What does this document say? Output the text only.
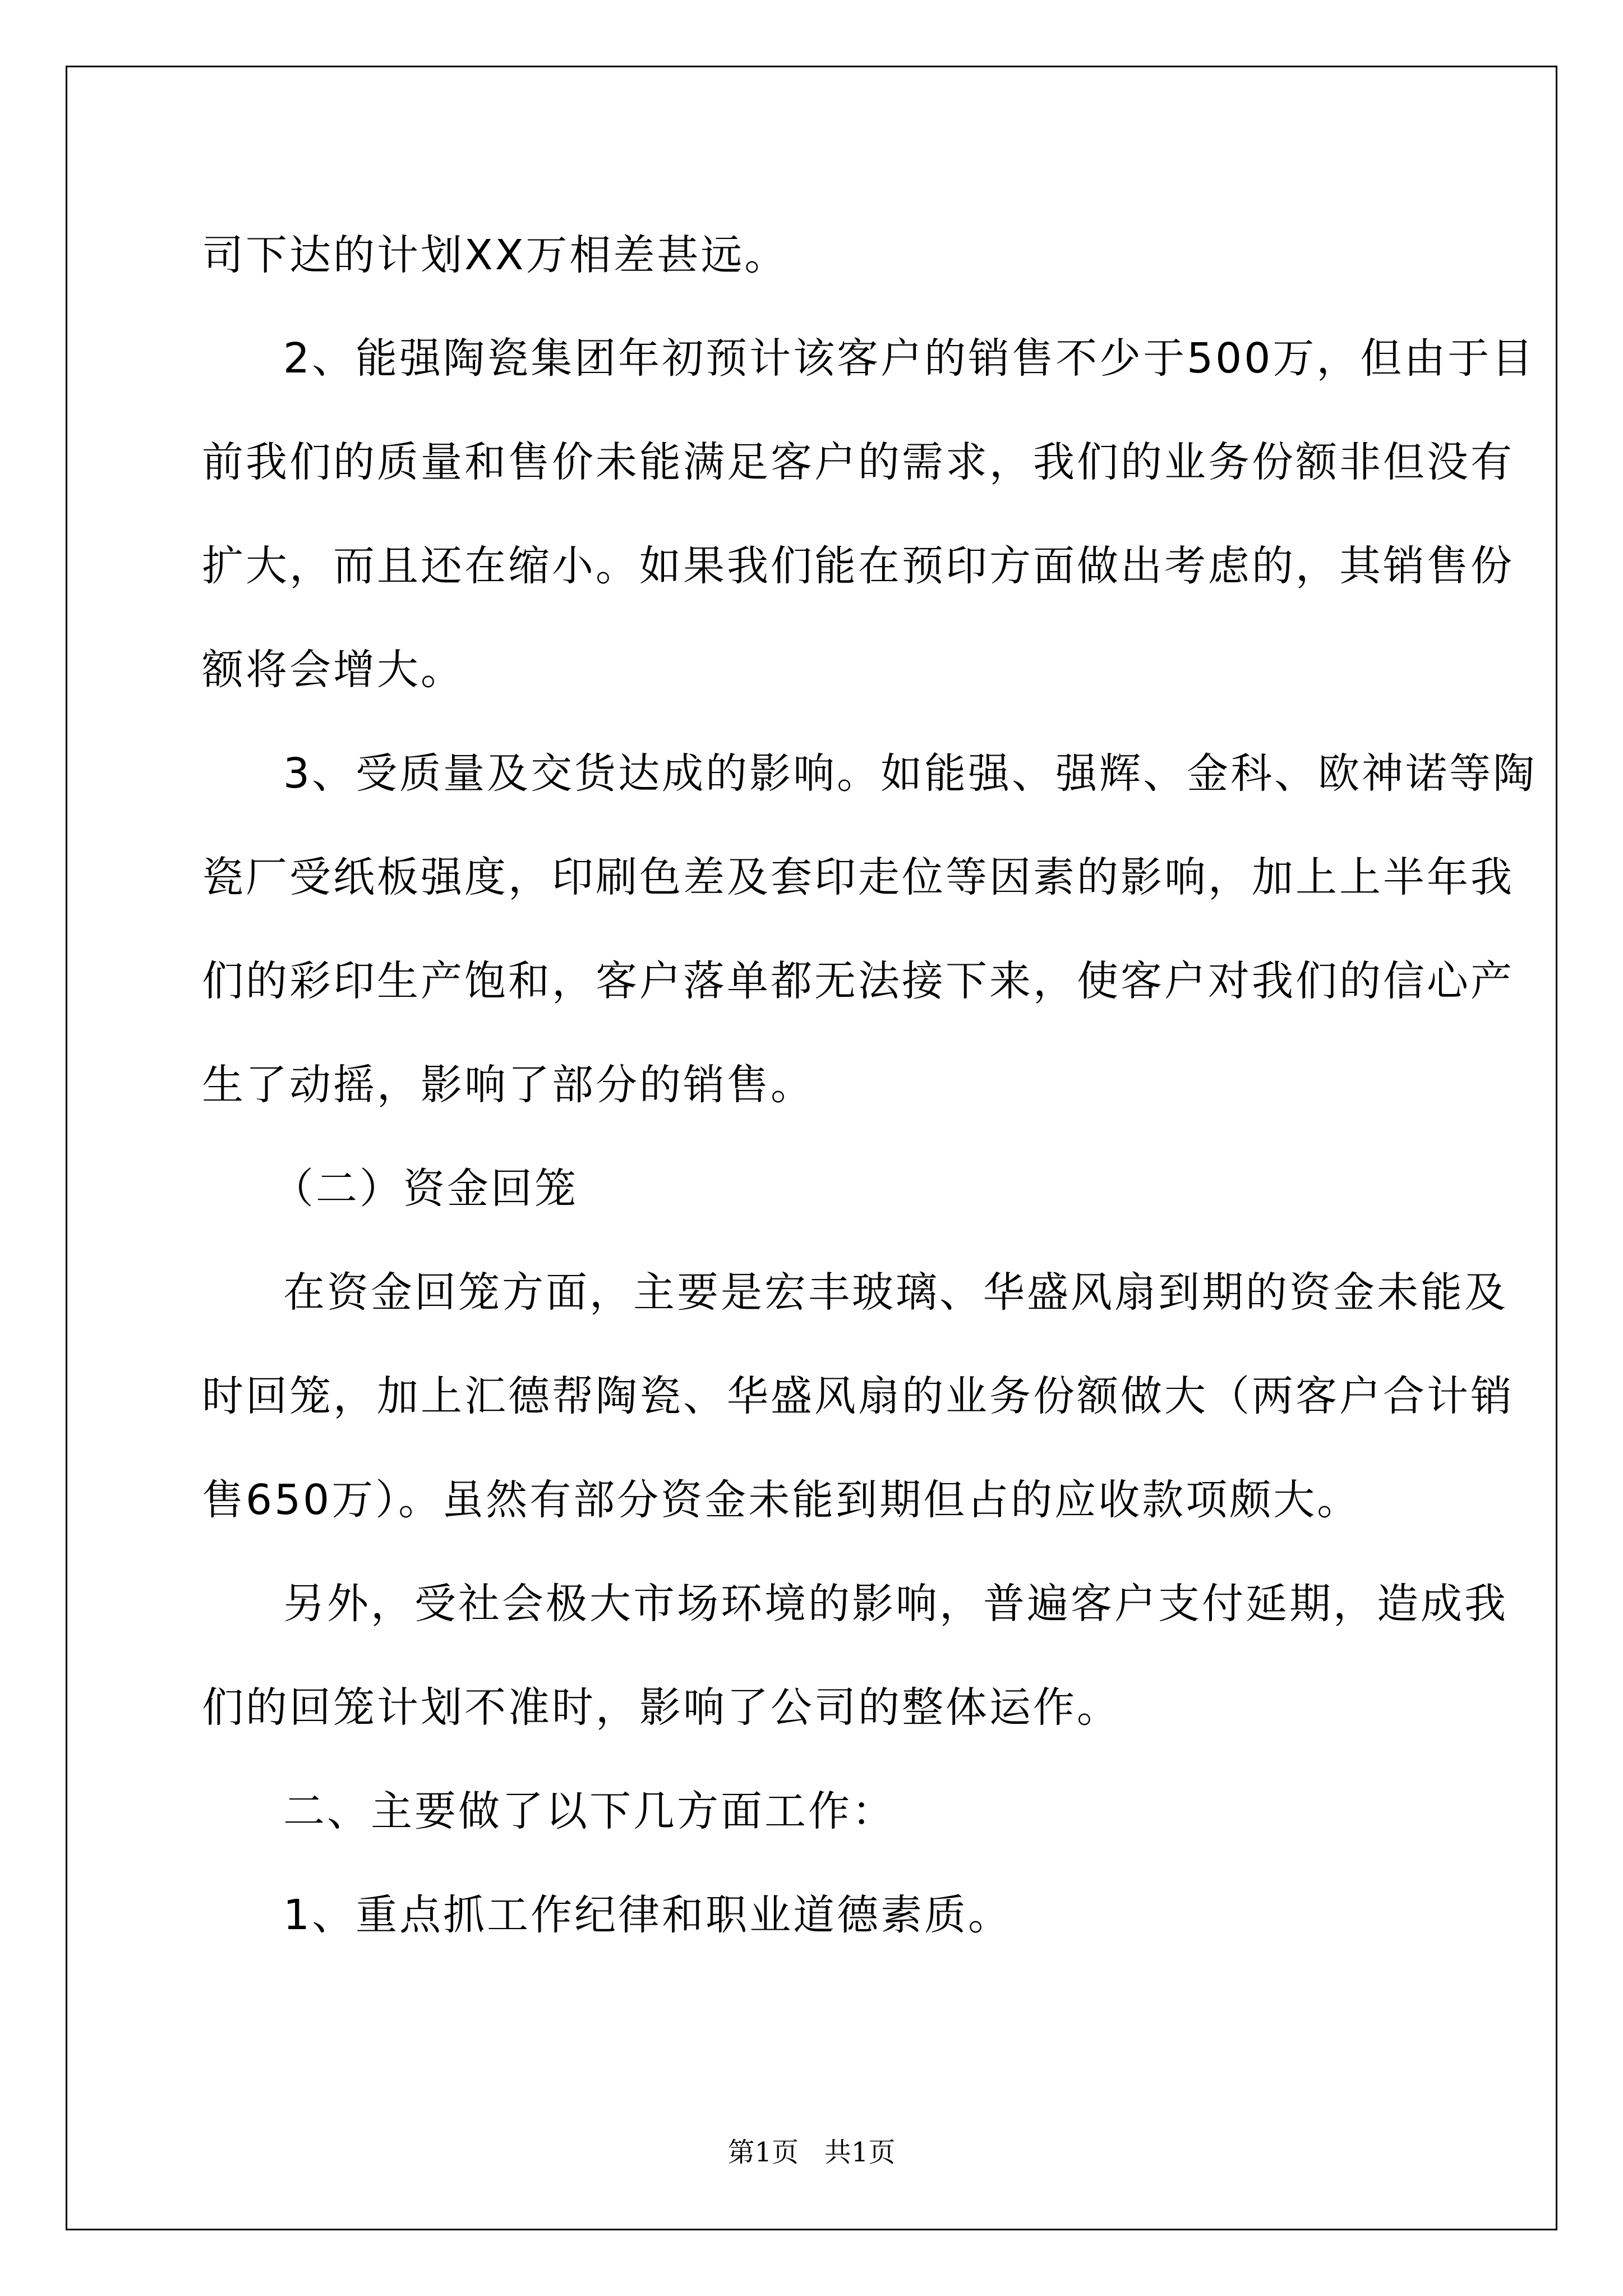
司下达的计划XX万相差甚远。
2、能强陶瓷集团年初预计该客户的销售不少于500万，但由于目
前我们的质量和售价未能满足客户的需求，我们的业务份额非但没有
扩大，而且还在缩小。如果我们能在预印方面做出考虑的，其销售份
额将会增大。
3、受质量及交货达成的影响。如能强、强辉、金科、欧神诺等陶
瓷厂受纸板强度，印刷色差及套印走位等因素的影响，加上上半年我
们的彩印生产饱和，客户落单都无法接下来，使客户对我们的信心产
生了动摇，影响了部分的销售。
（二）资金回笼
在资金回笼方面，主要是宏丰玻璃、华盛风扇到期的资金未能及
时回笼，加上汇德帮陶瓷、华盛风扇的业务份额做大（两客户合计销
售650万）。虽然有部分资金未能到期但占的应收款项颇大。
另外，受社会极大市场环境的影响，普遍客户支付延期，造成我
们的回笼计划不准时，影响了公司的整体运作。
二、主要做了以下几方面工作：
1、重点抓工作纪律和职业道德素质。
第1页   共1页
